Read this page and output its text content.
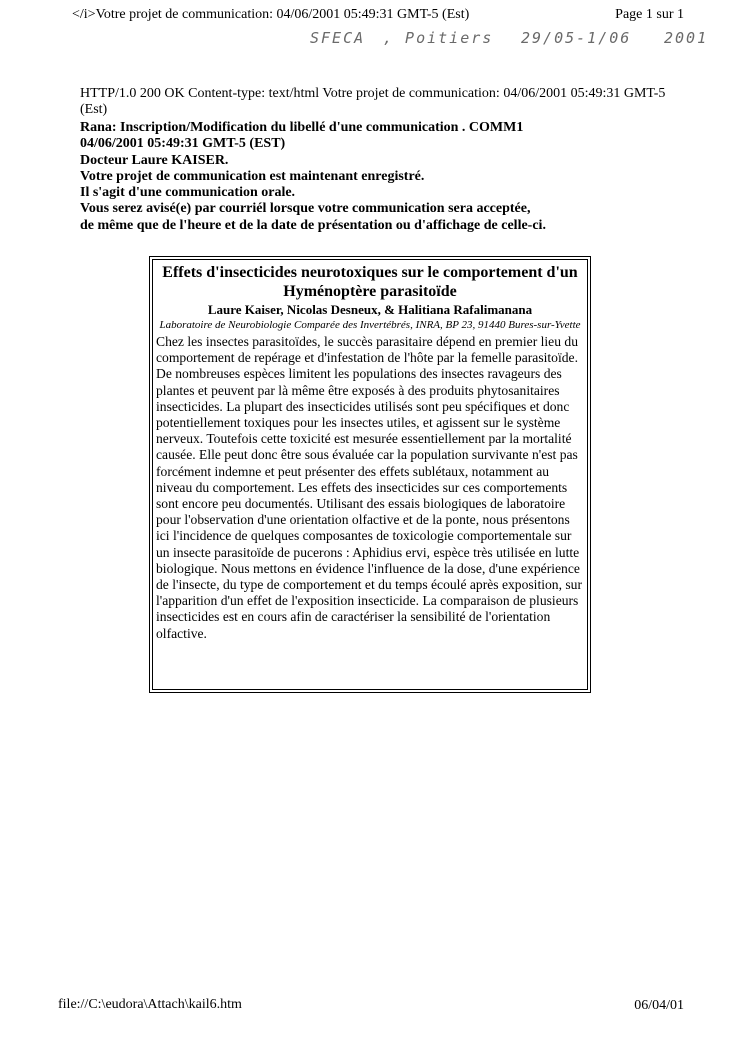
</i>Votre projet de communication: 04/06/2001 05:49:31 GMT-5 (Est)	Page 1 sur 1
SFECA , Poitiers 29/05-1/06 2001
HTTP/1.0 200 OK Content-type: text/html Votre projet de communication: 04/06/2001 05:49:31 GMT-5 (Est)
Rana: Inscription/Modification du libellé d'une communication . COMM1
04/06/2001 05:49:31 GMT-5 (EST)
Docteur Laure KAISER.
Votre projet de communication est maintenant enregistré.
Il s'agit d'une communication orale.
Vous serez avisé(e) par courriél lorsque votre communication sera acceptée,
de même que de l'heure et de la date de présentation ou d'affichage de celle-ci.
Effets d'insecticides neurotoxiques sur le comportement d'un Hyménoptère parasitoïde
Laure Kaiser, Nicolas Desneux, & Halitiana Rafalimanana
Laboratoire de Neurobiologie Comparée des Invertébrés, INRA, BP 23, 91440 Bures-sur-Yvette
Chez les insectes parasitoïdes, le succès parasitaire dépend en premier lieu du comportement de repérage et d'infestation de l'hôte par la femelle parasitoïde. De nombreuses espèces limitent les populations des insectes ravageurs des plantes et peuvent par là même être exposés à des produits phytosanitaires insecticides. La plupart des insecticides utilisés sont peu spécifiques et donc potentiellement toxiques pour les insectes utiles, et agissent sur le système nerveux. Toutefois cette toxicité est mesurée essentiellement par la mortalité causée. Elle peut donc être sous évaluée car la population survivante n'est pas forcément indemne et peut présenter des effets sublétaux, notamment au niveau du comportement. Les effets des insecticides sur ces comportements sont encore peu documentés. Utilisant des essais biologiques de laboratoire pour l'observation d'une orientation olfactive et de la ponte, nous présentons ici l'incidence de quelques composantes de toxicologie comportementale sur un insecte parasitoïde de pucerons : Aphidius ervi, espèce très utilisée en lutte biologique. Nous mettons en évidence l'influence de la dose, d'une expérience de l'insecte, du type de comportement et du temps écoulé après exposition, sur l'apparition d'un effet de l'exposition insecticide. La comparaison de plusieurs insecticides est en cours afin de caractériser la sensibilité de l'orientation olfactive.
file://C:\eudora\Attach\kail6.htm	06/04/01
